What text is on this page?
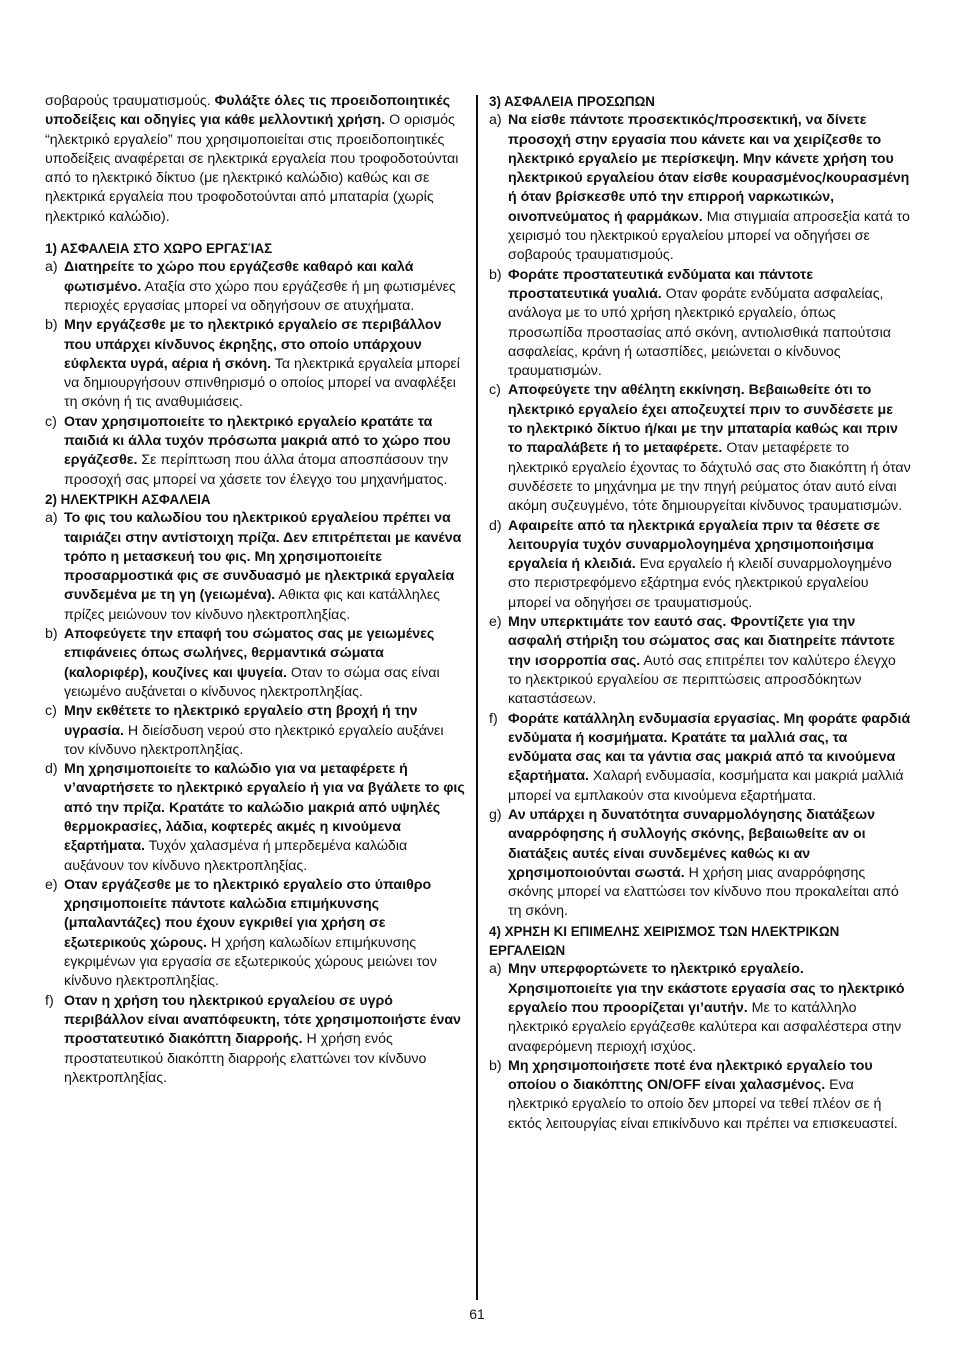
σοβαρούς τραυματισμούς. Φυλάξτε όλες τις προειδοποιητικές υποδείξεις και οδηγίες για κάθε μελλοντική χρήση. Ο ορισμός “ηλεκτρικό εργαλείο” που χρησιμοποιείται στις προειδοποιητικές υποδείξεις αναφέρεται σε ηλεκτρικά εργαλεία που τροφοδοτούνται από το ηλεκτρικό δίκτυο (με ηλεκτρικό καλώδιο) καθώς και σε ηλεκτρικά εργαλεία που τροφοδοτούνται από μπαταρία (χωρίς ηλεκτρικό καλώδιο).

1) ΑΣΦΑΛΕΙΑ ΣΤΟ ΧΩΡΟ ΕΡΓΑΣΊΑΣ
a) Διατηρείτε το χώρο που εργάζεσθε καθαρό και καλά φωτισμένο. Αταξία στο χώρο που εργάζεσθε ή μη φωτισμένες περιοχές εργασίας μπορεί να οδηγήσουν σε ατυχήματα.

b) Μην εργάζεσθε με το ηλεκτρικό εργαλείο σε περιβάλλον που υπάρχει κίνδυνος έκρηξης, στο οποίο υπάρχουν εύφλεκτα υγρά, αέρια ή σκόνη. Τα ηλεκτρικά εργαλεία μπορεί να δημιουργήσουν σπινθηρισμό ο οποίος μπορεί να αναφλέξει τη σκόνη ή τις αναθυμιάσεις.

c) Οταν χρησιμοποιείτε το ηλεκτρικό εργαλείο κρατάτε τα παιδιά κι άλλα τυχόν πρόσωπα μακριά από το χώρο που εργάζεσθε. Σε περίπτωση που άλλα άτομα αποσπάσουν την προσοχή σας μπορεί να χάσετε τον έλεγχο του μηχανήματος.

2) ΗΛΕΚΤΡΙΚΗ ΑΣΦΑΛΕΙΑ
a) Το φις του καλωδίου του ηλεκτρικού εργαλείου πρέπει να ταιριάζει στην αντίστοιχη πρίζα. Δεν επιτρέπεται με κανένα τρόπο η μετασκευή του φις. Μη χρησιμοποιείτε προσαρμοστικά φις σε συνδυασμό με ηλεκτρικά εργαλεία συνδεμένα με τη γη (γειωμένα). Αθικτα φις και κατάλληλες πρίζες μειώνουν τον κίνδυνο ηλεκτροπληξίας.

b) Αποφεύγετε την επαφή του σώματος σας με γειωμένες επιφάνειες όπως σωλήνες, θερμαντικά σώματα (καλοριφέρ), κουζίνες και ψυγεία. Οταν το σώμα σας είναι γειωμένο αυξάνεται ο κίνδυνος ηλεκτροπληξίας.

c) Μην εκθέτετε το ηλεκτρικό εργαλείο στη βροχή ή την υγρασία. Η διείσδυση νερού στο ηλεκτρικό εργαλείο αυξάνει τον κίνδυνο ηλεκτροπληξίας.

d) Μη χρησιμοποιείτε το καλώδιο για να μεταφέρετε ή ν’αναρτήσετε το ηλεκτρικό εργαλείο ή για να βγάλετε το φις από την πρίζα. Κρατάτε το καλώδιο μακριά από υψηλές θερμοκρασίες, λάδια, κοφτερές ακμές η κινούμενα εξαρτήματα. Τυχόν χαλασμένα ή μπερδεμένα καλώδια αυξάνουν τον κίνδυνο ηλεκτροπληξίας.

e) Οταν εργάζεσθε με το ηλεκτρικό εργαλείο στο ύπαιθρο χρησιμοποιείτε πάντοτε καλώδια επιμήκυνσης (μπαλαντάζες) που έχουν εγκριθεί για χρήση σε εξωτερικούς χώρους. Η χρήση καλωδίων επιμήκυνσης εγκριμένων για εργασία σε εξωτερικούς χώρους μειώνει τον κίνδυνο ηλεκτροπληξίας.

f) Οταν η χρήση του ηλεκτρικού εργαλείου σε υγρό περιβάλλον είναι αναπόφευκτη, τότε χρησιμοποιήστε έναν προστατευτικό διακόπτη διαρροής. Η χρήση ενός προστατευτικού διακόπτη διαρροής ελαττώνει τον κίνδυνο ηλεκτροπληξίας.

3) ΑΣΦΑΛΕΙΑ ΠΡΟΣΩΠΩΝ
a) Να είσθε πάντοτε προσεκτικός/προσεκτική, να δίνετε προσοχή στην εργασία που κάνετε και να χειρίζεσθε το ηλεκτρικό εργαλείο με περίσκεψη. Μην κάνετε χρήση του ηλεκτρικού εργαλείου όταν είσθε κουρασμένος/κουρασμένη ή όταν βρίσκεσθε υπό την επιρροή ναρκωτικών, οινοπνεύματος ή φαρμάκων. Μια στιγμιαία απροσεξία κατά το χειρισμό του ηλεκτρικού εργαλείου μπορεί να οδηγήσει σε σοβαρούς τραυματισμούς.

b) Φοράτε προστατευτικά ενδύματα και πάντοτε προστατευτικά γυαλιά. Οταν φοράτε ενδύματα ασφαλείας, ανάλογα με το υπό χρήση ηλεκτρικό εργαλείο, όπως προσωπίδα προστασίας από σκόνη, αντιολισθικά παπούτσια ασφαλείας, κράνη ή ωτασπίδες, μειώνεται ο κίνδυνος τραυματισμών.

c) Αποφεύγετε την αθέλητη εκκίνηση. Βεβαιωθείτε ότι το ηλεκτρικό εργαλείο έχει αποζευχτεί πριν το συνδέσετε με το ηλεκτρικό δίκτυο ή/και με την μπαταρία καθώς και πριν το παραλάβετε ή το μεταφέρετε. Οταν μεταφέρετε το ηλεκτρικό εργαλείο έχοντας το δάχτυλό σας στο διακόπτη ή όταν συνδέσετε το μηχάνημα με την πηγή ρεύματος όταν αυτό είναι ακόμη συζευγμένο, τότε δημιουργείται κίνδυνος τραυματισμών.

d) Αφαιρείτε από τα ηλεκτρικά εργαλεία πριν τα θέσετε σε λειτουργία τυχόν συναρμολογημένα χρησιμοποιήσιμα εργαλεία ή κλειδιά. Ενα εργαλείο ή κλειδί συναρμολογημένο στο περιστρεφόμενο εξάρτημα ενός ηλεκτρικού εργαλείου μπορεί να οδηγήσει σε τραυματισμούς.

e) Μην υπερκτιμάτε τον εαυτό σας. Φροντίζετε για την ασφαλή στήριξη του σώματος σας και διατηρείτε πάντοτε την ισορροπία σας. Αυτό σας επιτρέπει τον καλύτερο έλεγχο το ηλεκτρικού εργαλείου σε περιπτώσεις απροσδόκητων καταστάσεων.

f) Φοράτε κατάλληλη ενδυμασία εργασίας. Μη φοράτε φαρδιά ενδύματα ή κοσμήματα. Κρατάτε τα μαλλιά σας, τα ενδύματα σας και τα γάντια σας μακριά από τα κινούμενα εξαρτήματα. Χαλαρή ενδυμασία, κοσμήματα και μακριά μαλλιά μπορεί να εμπλακούν στα κινούμενα εξαρτήματα.

g) Αν υπάρχει η δυνατότητα συναρμολόγησης διατάξεων αναρρόφησης ή συλλογής σκόνης, βεβαιωθείτε αν οι διατάξεις αυτές είναι συνδεμένες καθώς κι αν χρησιμοποιούνται σωστά. Η χρήση μιας αναρρόφησης σκόνης μπορεί να ελαττώσει τον κίνδυνο που προκαλείται από τη σκόνη.

4) ΧΡΗΣΗ ΚΙ ΕΠΙΜΕΛΗΣ ΧΕΙΡΙΣΜΟΣ ΤΩΝ ΗΛΕΚΤΡΙΚΩΝ ΕΡΓΑΛΕΙΩΝ
a) Μην υπερφορτώνετε το ηλεκτρικό εργαλείο. Χρησιμοποιείτε για την εκάστοτε εργασία σας το ηλεκτρικό εργαλείο που προορίζεται γι’αυτήν. Με το κατάλληλο ηλεκτρικό εργαλείο εργάζεσθε καλύτερα και ασφαλέστερα στην αναφερόμενη περιοχή ισχύος.

b) Μη χρησιμοποιήσετε ποτέ ένα ηλεκτρικό εργαλείο του οποίου ο διακόπτης ON/OFF είναι χαλασμένος. Ενα ηλεκτρικό εργαλείο το οποίο δεν μπορεί να τεθεί πλέον σε ή εκτός λειτουργίας είναι επικίνδυνο και πρέπει να επισκευαστεί.

61
